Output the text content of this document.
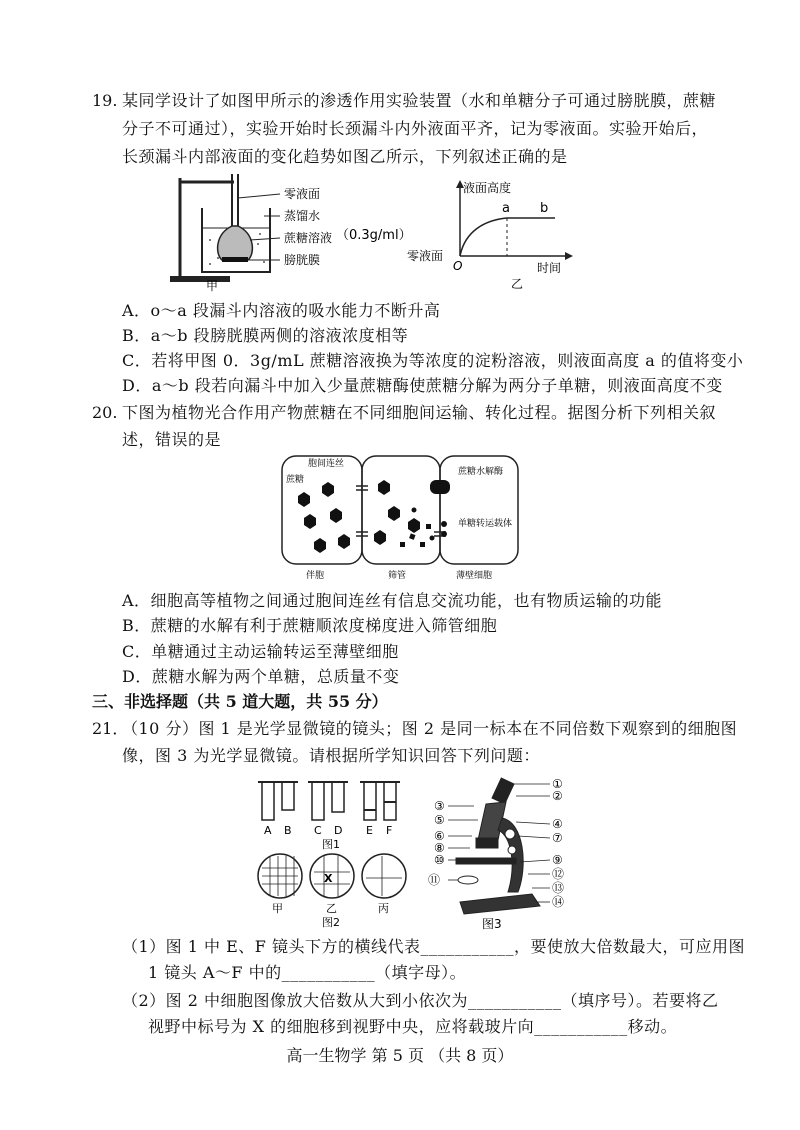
19. 某同学设计了如图甲所示的渗透作用实验装置（水和单糖分子可通过膀胱膜，蔗糖
分子不可通过），实验开始时长颈漏斗内外液面平齐，记为零液面。实验开始后，
长颈漏斗内部液面的变化趋势如图乙所示，下列叙述正确的是
零液面
蒸馏水
蔗糖溶液
膀胱膜
（0.3g/ml）
甲
液面高度
时间
零液面
O
a b
乙
A．o～a 段漏斗内溶液的吸水能力不断升高
B．a～b 段膀胱膜两侧的溶液浓度相等
C．若将甲图 0．3g/mL 蔗糖溶液换为等浓度的淀粉溶液，则液面高度 a 的值将变小
D．a～b 段若向漏斗中加入少量蔗糖酶使蔗糖分解为两分子单糖，则液面高度不变
20. 下图为植物光合作用产物蔗糖在不同细胞间运输、转化过程。据图分析下列相关叙
述，错误的是
胞间连丝
蔗糖
蔗糖水解酶
单糖转运载体
伴胞	筛管	薄壁细胞
A．细胞高等植物之间通过胞间连丝有信息交流功能，也有物质运输的功能
B．蔗糖的水解有利于蔗糖顺浓度梯度进入筛管细胞
C．单糖通过主动运输转运至薄壁细胞
D．蔗糖水解为两个单糖，总质量不变
三、非选择题（共 5 道大题，共 55 分）
21．
（10 分）图 1 是光学显微镜的镜头；图 2 是同一标本在不同倍数下观察到的细胞图
像，图 3 为光学显微镜。请根据所学知识回答下列问题：
A B C D E F
图1
X
甲	乙	丙
图2
①
②
③
④
⑤
⑥	⑦
⑧
⑨
⑩
⑪	⑫
⑬
⑭
图3
（1）图 1 中 E、F 镜头下方的横线代表___________，要使放大倍数最大，可应用图
1 镜头 A～F 中的___________（填字母）。
（2）图 2 中细胞图像放大倍数从大到小依次为___________（填序号）。若要将乙
视野中标号为 X 的细胞移到视野中央，应将载玻片向___________移动。
高一生物学 第 5 页 （共 8 页）
